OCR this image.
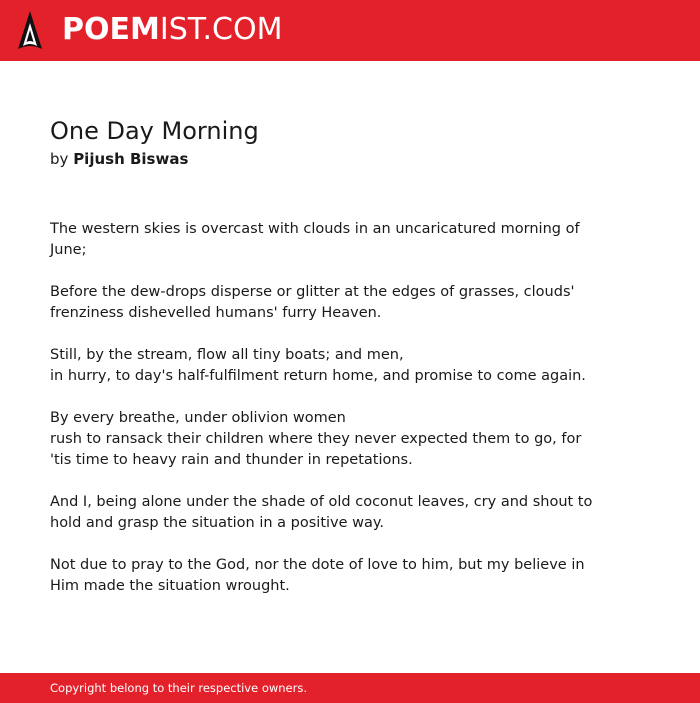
POEMIST.COM
One Day Morning
by Pijush Biswas

The western skies is overcast with clouds in an uncaricatured morning of
June;

Before the dew-drops disperse or glitter at the edges of grasses, clouds'
frenziness dishevelled humans' furry Heaven.

Still, by the stream, flow all tiny boats; and men,
in hurry, to day's half-fulfilment return home, and promise to come again.

By every breathe, under oblivion women
rush to ransack their children where they never expected them to go, for
'tis time to heavy rain and thunder in repetations.

And I, being alone under the shade of old coconut leaves, cry and shout to
hold and grasp the situation in a positive way.

Not due to pray to the God, nor the dote of love to him, but my believe in
Him made the situation wrought.

Copyright belong to their respective owners.
